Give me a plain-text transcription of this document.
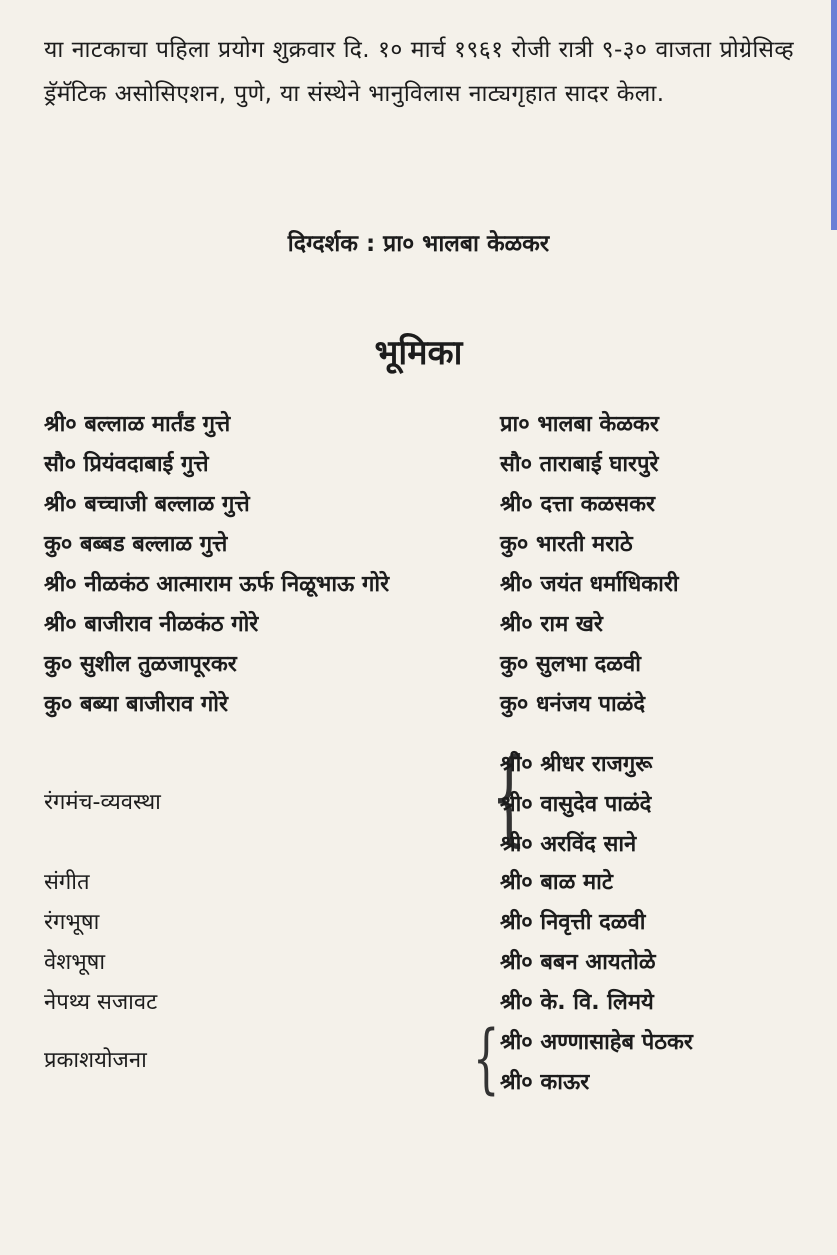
या नाटकाचा पहिला प्रयोग शुक्रवार दि. १० मार्च १९६१ रोजी रात्री ९-३० वाजता प्रोग्रेसिव्ह ड्रॅमॅटिक असोसिएशन, पुणे, या संस्थेने भानुविलास नाट्यगृहात सादर केला.

दिग्दर्शक : प्रा० भालबा केळकर
भूमिका
श्री० बल्लाळ मार्तंड गुत्ते	प्रा० भालबा केळकर
सौ० प्रियंवदाबाई गुत्ते	सौ० ताराबाई घारपुरे
श्री० बच्चाजी बल्लाळ गुत्ते	श्री० दत्ता कळसकर
कु० बब्बड बल्लाळ गुत्ते	कु० भारती मराठे
श्री० नीळकंठ आत्माराम ऊर्फ निळूभाऊ गोरे	श्री० जयंत धर्माधिकारी
श्री० बाजीराव नीळकंठ गोरे	श्री० राम खरे
कु० सुशील तुळजापूरकर	कु० सुलभा दळवी
कु० बब्या बाजीराव गोरे	कु० धनंजय पाळंदे
रंगमंच-व्यवस्था	{
श्री० श्रीधर राजगुरू
श्री० वासुदेव पाळंदे
श्री० अरविंद साने
संगीत	श्री० बाळ माटे
रंगभूषा	श्री० निवृत्ती दळवी
वेशभूषा	श्री० बबन आयतोळे
नेपथ्य सजावट	श्री० के. वि. लिमये
प्रकाशयोजना	{ श्री० अण्णासाहेब पेठकर
श्री० काऊर
